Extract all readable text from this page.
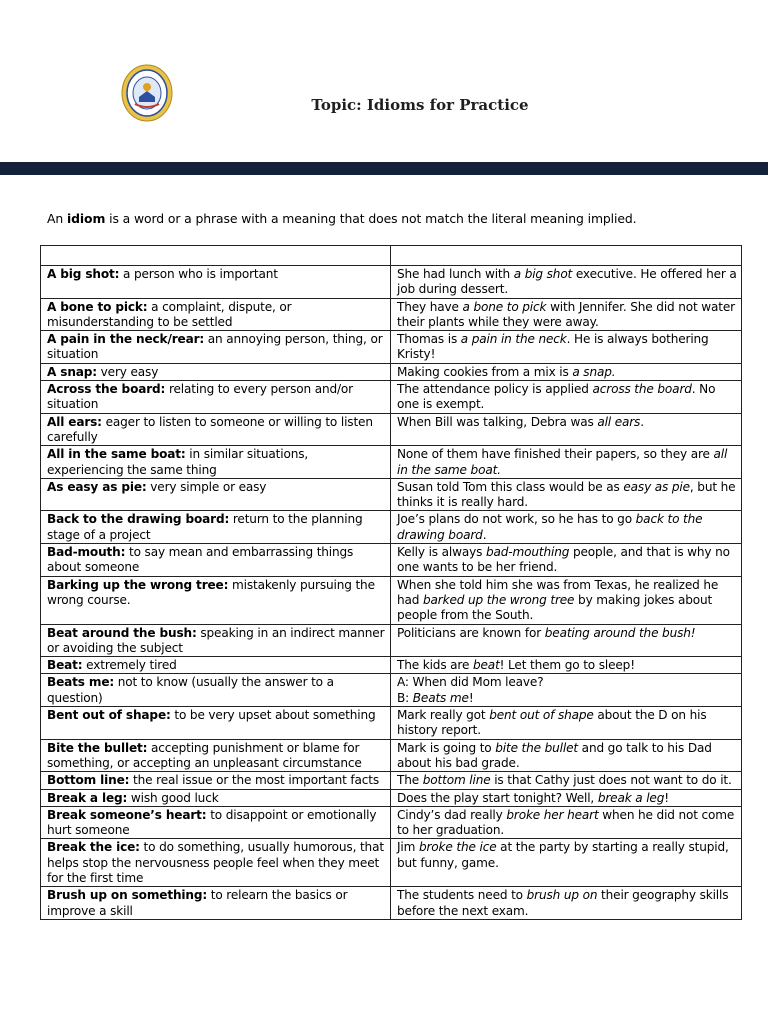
Topic: Idioms for Practice

An idiom is a word or a phrase with a meaning that does not match the literal meaning implied.

A big shot: a person who is important	She had lunch with a big shot executive. He offered her a job during dessert.
A bone to pick: a complaint, dispute, or misunderstanding to be settled	They have a bone to pick with Jennifer. She did not water their plants while they were away.
A pain in the neck/rear: an annoying person, thing, or situation	Thomas is a pain in the neck. He is always bothering Kristy!
A snap: very easy	Making cookies from a mix is a snap.
Across the board: relating to every person and/or situation	The attendance policy is applied across the board. No one is exempt.
All ears: eager to listen to someone or willing to listen carefully	When Bill was talking, Debra was all ears.
All in the same boat: in similar situations, experiencing the same thing	None of them have finished their papers, so they are all in the same boat.
As easy as pie: very simple or easy	Susan told Tom this class would be as easy as pie, but he thinks it is really hard.
Back to the drawing board: return to the planning stage of a project	Joe’s plans do not work, so he has to go back to the drawing board.
Bad-mouth: to say mean and embarrassing things about someone	Kelly is always bad-mouthing people, and that is why no one wants to be her friend.
Barking up the wrong tree: mistakenly pursuing the wrong course.	When she told him she was from Texas, he realized he had barked up the wrong tree by making jokes about people from the South.
Beat around the bush: speaking in an indirect manner or avoiding the subject	Politicians are known for beating around the bush!
Beat: extremely tired	The kids are beat! Let them go to sleep!
Beats me: not to know (usually the answer to a question)	A: When did Mom leave?
B: Beats me!
Bent out of shape: to be very upset about something	Mark really got bent out of shape about the D on his history report.
Bite the bullet: accepting punishment or blame for something, or accepting an unpleasant circumstance	Mark is going to bite the bullet and go talk to his Dad about his bad grade.
Bottom line: the real issue or the most important facts	The bottom line is that Cathy just does not want to do it.
Break a leg: wish good luck	Does the play start tonight? Well, break a leg!
Break someone’s heart: to disappoint or emotionally hurt someone	Cindy’s dad really broke her heart when he did not come to her graduation.
Break the ice: to do something, usually humorous, that helps stop the nervousness people feel when they meet for the first time	Jim broke the ice at the party by starting a really stupid, but funny, game.
Brush up on something: to relearn the basics or improve a skill	The students need to brush up on their geography skills before the next exam.
